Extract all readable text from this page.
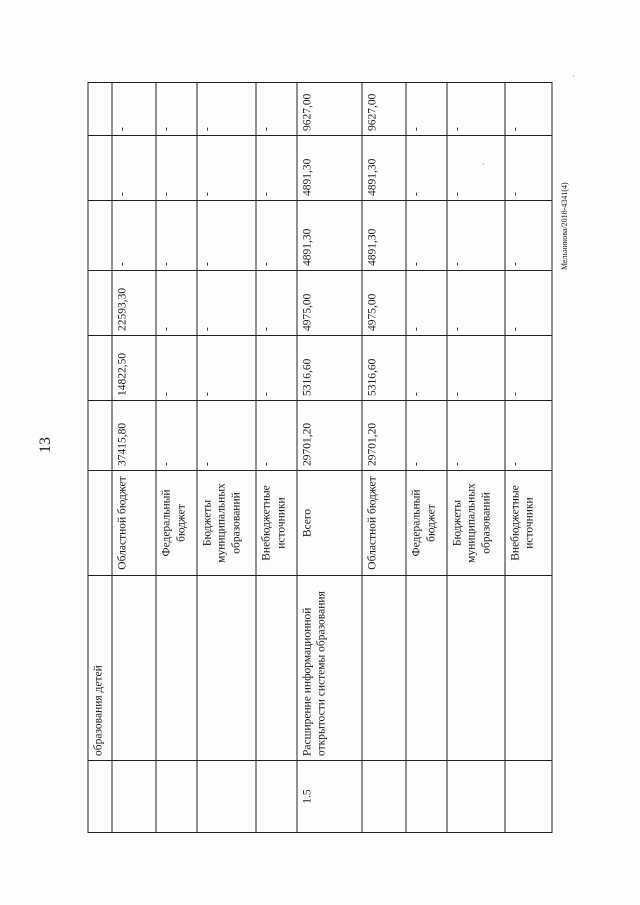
13
Мельникова/2018-4341(4)
·
·
	образования детей							
		Областной бюджет	37415,80	14822,50	22593,30	-	-	-
		Федеральный бюджет	-	-	-	-	-	-
		Бюджеты муниципальных образований	-	-	-	-	-	-
		Внебюджетные источники	-	-	-	-	-	-
1.5	Расширение информационной открытости системы образования	Всего	29701,20	5316,60	4975,00	4891,30	4891,30	9627,00
		Областной бюджет	29701,20	5316,60	4975,00	4891,30	4891,30	9627,00
		Федеральный бюджет	-	-	-	-	-	-
		Бюджеты муниципальных образований	-	-	-	-	-	-
		Внебюджетные источники	-	-	-	-	-	-
